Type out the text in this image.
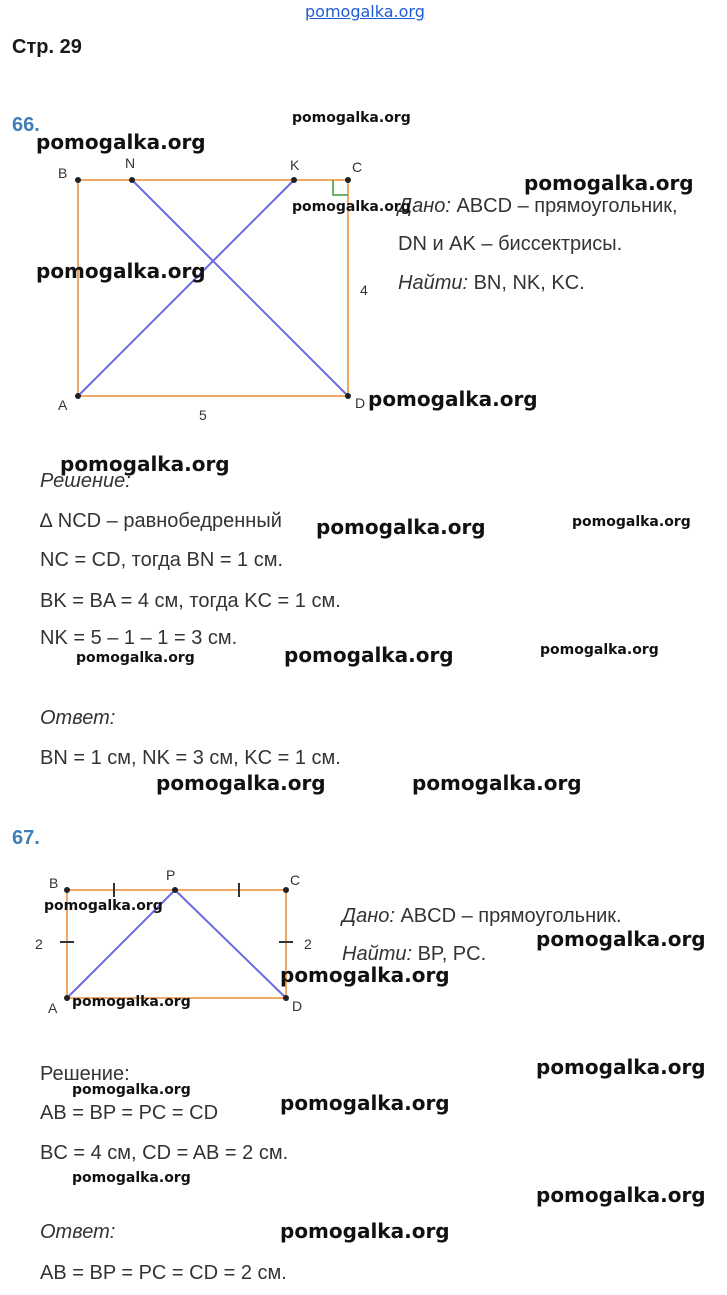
pomogalka.org
Стр. 29
66.
B
N	K	C
A	D
4
5
Дано: ABCD – прямоугольник,
DN и AK – биссектрисы.
Найти: BN, NK, KC.
Решение:
∆ NCD – равнобедренный
NC = CD, тогда BN = 1 см.
BK = BA = 4 см, тогда KC = 1 см.
NK = 5 – 1 – 1 = 3 см.
Ответ:
BN = 1 см, NK = 3 см, KC = 1 см.
67.
B	P	C
A	D
2	2
Дано: ABCD – прямоугольник.
Найти: BP, PC.
Решение:
AB = BP = PC = CD
BC = 4 см, CD = AB = 2 см.
Ответ:
AB = BP = PC = CD = 2 см.
pomogalka.org
pomogalka.org
pomogalka.org
pomogalka.org
pomogalka.org
pomogalka.org
pomogalka.org
pomogalka.org	pomogalka.org
pomogalka.org	pomogalka.org
pomogalka.org
pomogalka.org	pomogalka.org
pomogalka.org
pomogalka.org
pomogalka.org
pomogalka.org
pomogalka.org
pomogalka.org
pomogalka.org
pomogalka.org
pomogalka.org
pomogalka.org
